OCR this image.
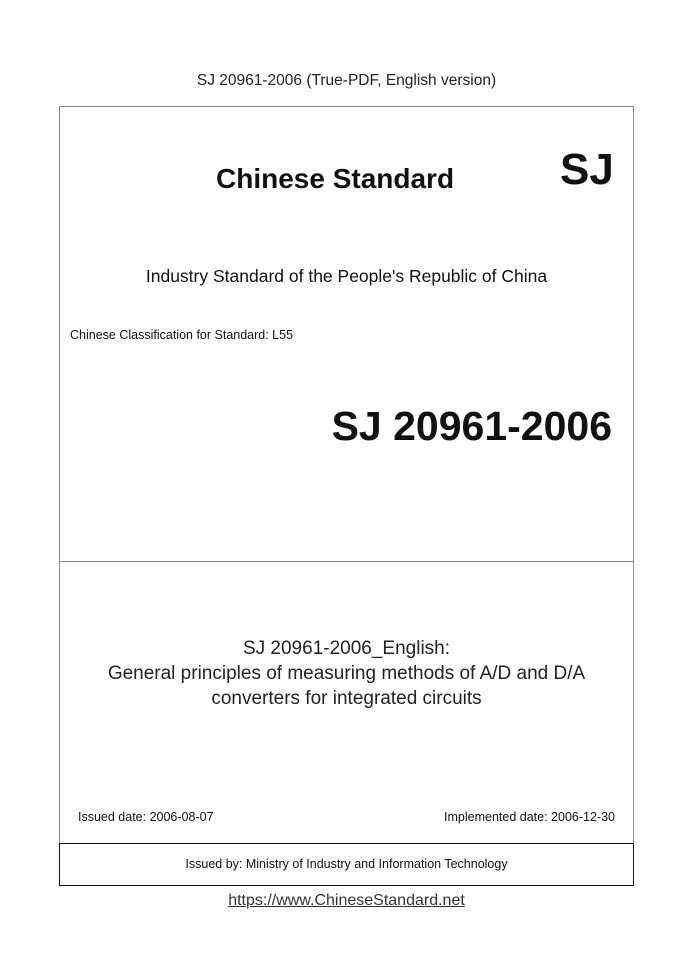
SJ 20961-2006 (True-PDF, English version)
Chinese Standard SJ
Industry Standard of the People's Republic of China
Chinese Classification for Standard: L55
SJ 20961-2006
SJ 20961-2006_English:
General principles of measuring methods of A/D and D/A
converters for integrated circuits
Issued date: 2006-08-07	Implemented date: 2006-12-30
Issued by: Ministry of Industry and Information Technology
https://www.ChineseStandard.net
